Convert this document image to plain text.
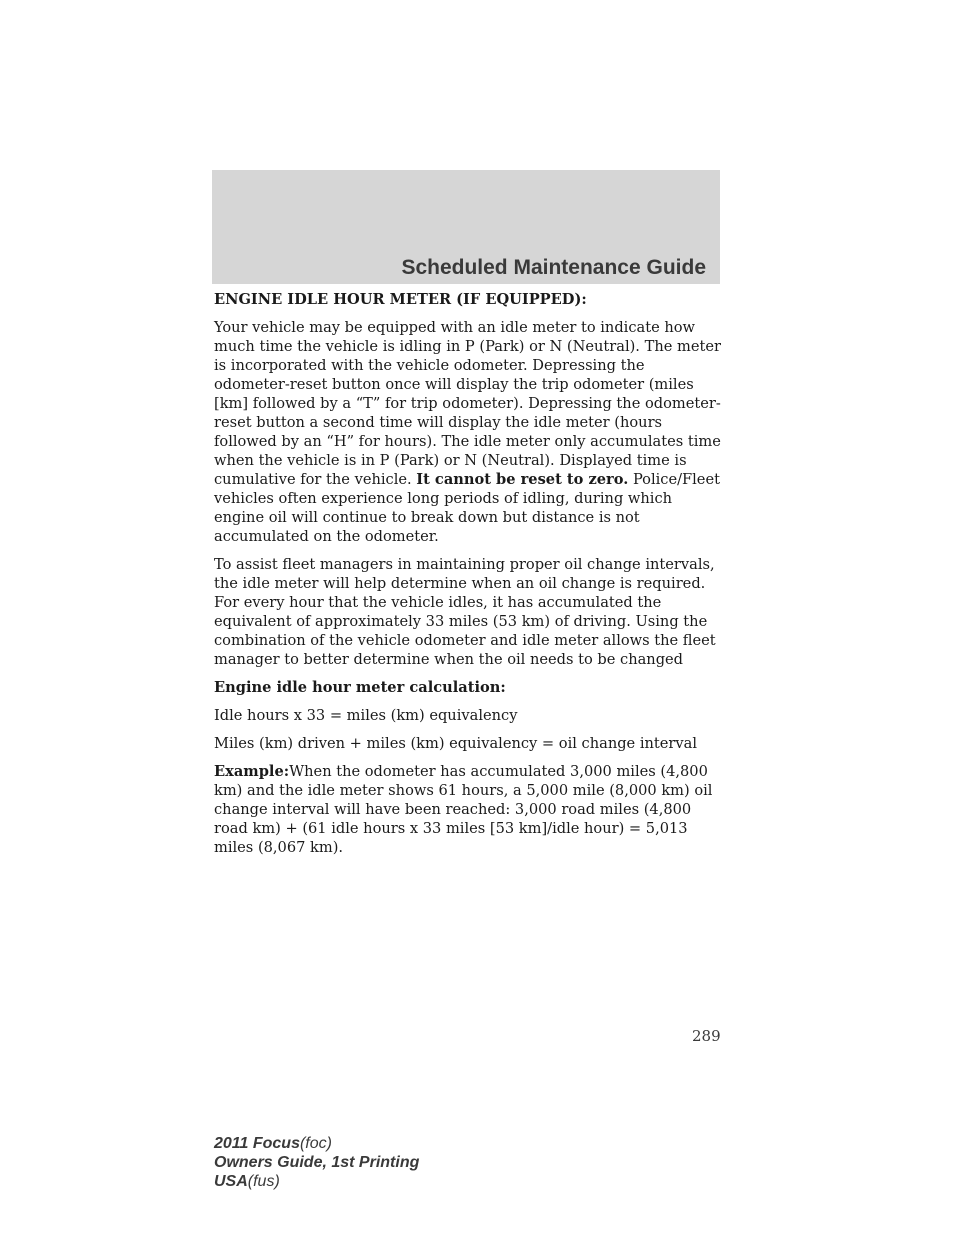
Scheduled Maintenance Guide

ENGINE IDLE HOUR METER (IF EQUIPPED):

Your vehicle may be equipped with an idle meter to indicate how much time the vehicle is idling in P (Park) or N (Neutral). The meter is incorporated with the vehicle odometer. Depressing the odometer-reset button once will display the trip odometer (miles [km] followed by a “T” for trip odometer). Depressing the odometer-reset button a second time will display the idle meter (hours followed by an “H” for hours). The idle meter only accumulates time when the vehicle is in P (Park) or N (Neutral). Displayed time is cumulative for the vehicle. It cannot be reset to zero. Police/Fleet vehicles often experience long periods of idling, during which engine oil will continue to break down but distance is not accumulated on the odometer.

To assist fleet managers in maintaining proper oil change intervals, the idle meter will help determine when an oil change is required. For every hour that the vehicle idles, it has accumulated the equivalent of approximately 33 miles (53 km) of driving. Using the combination of the vehicle odometer and idle meter allows the fleet manager to better determine when the oil needs to be changed

Engine idle hour meter calculation:

Idle hours x 33 = miles (km) equivalency

Miles (km) driven + miles (km) equivalency = oil change interval

Example:When the odometer has accumulated 3,000 miles (4,800 km) and the idle meter shows 61 hours, a 5,000 mile (8,000 km) oil change interval will have been reached: 3,000 road miles (4,800 road km) + (61 idle hours x 33 miles [53 km]/idle hour) = 5,013 miles (8,067 km).

289
2011 Focus(foc)
Owners Guide, 1st Printing
USA(fus)
